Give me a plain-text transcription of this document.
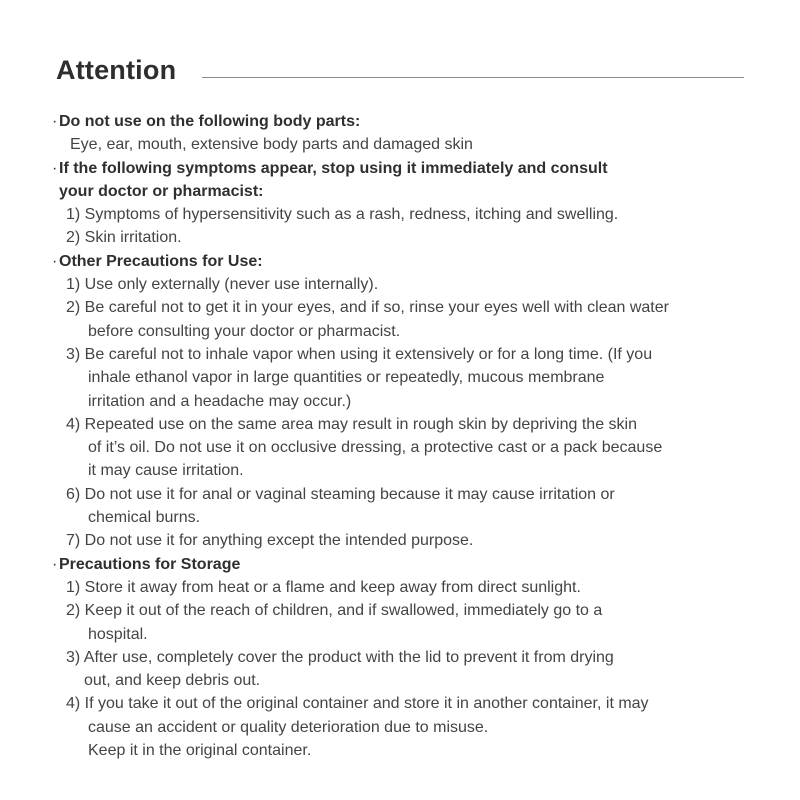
Attention
· Do not use on the following body parts:
Eye, ear, mouth, extensive body parts and damaged skin
· If the following symptoms appear, stop using it immediately and consult
your doctor or pharmacist:
1) Symptoms of hypersensitivity such as a rash, redness, itching and swelling.
2) Skin irritation.
· Other Precautions for Use:
1) Use only externally (never use internally).
2) Be careful not to get it in your eyes, and if so, rinse your eyes well with clean water
before consulting your doctor or pharmacist.
3) Be careful not to inhale vapor when using it extensively or for a long time. (If you
inhale ethanol vapor in large quantities or repeatedly, mucous membrane
irritation and a headache may occur.)
4) Repeated use on the same area may result in rough skin by depriving the skin
of it’s oil. Do not use it on occlusive dressing, a protective cast or a pack because
it may cause irritation.
6) Do not use it for anal or vaginal steaming because it may cause irritation or
chemical burns.
7) Do not use it for anything except the intended purpose.
· Precautions for Storage
1) Store it away from heat or a flame and keep away from direct sunlight.
2) Keep it out of the reach of children, and if swallowed, immediately go to a
hospital.
3) After use, completely cover the product with the lid to prevent it from drying
out, and keep debris out.
4) If you take it out of the original container and store it in another container, it may
cause an accident or quality deterioration due to misuse.
Keep it in the original container.
